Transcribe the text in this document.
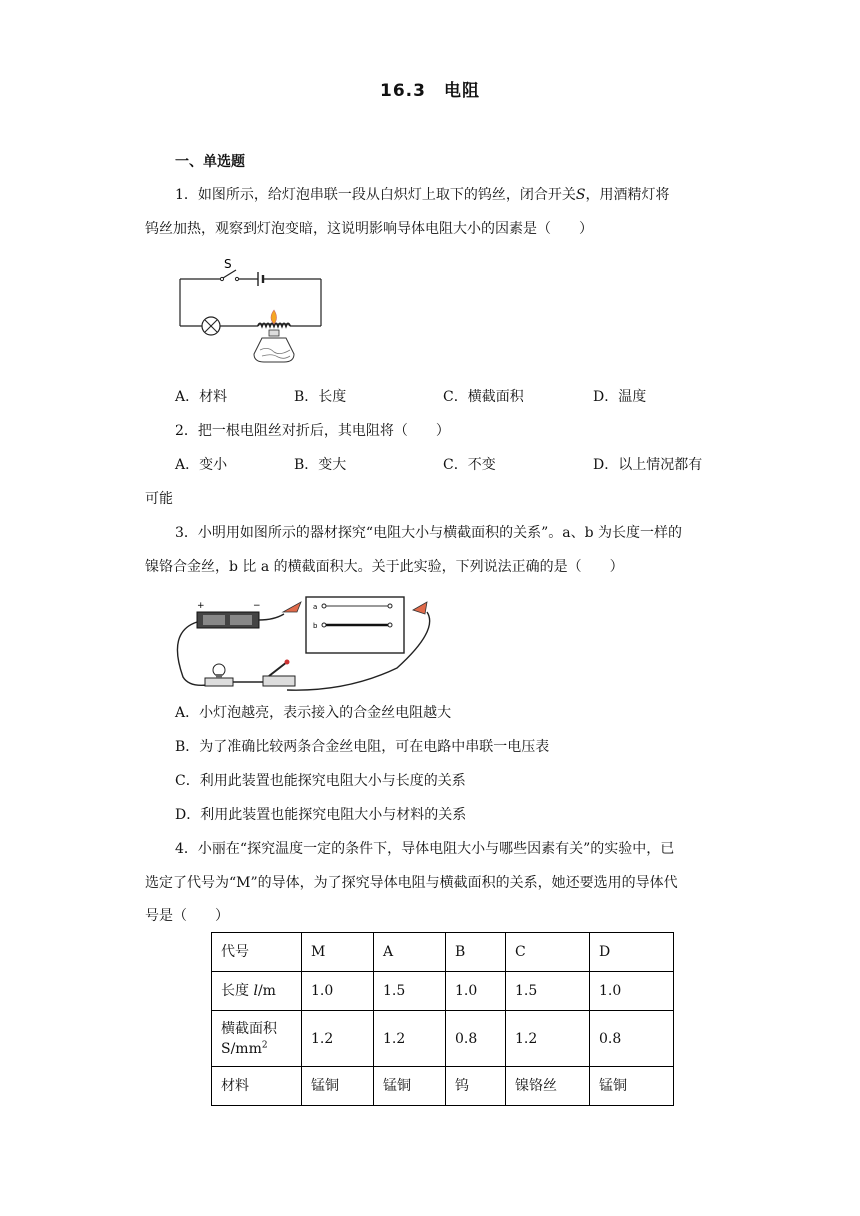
16.3　电阻
一、单选题
1．如图所示，给灯泡串联一段从白炽灯上取下的钨丝，闭合开关S，用酒精灯将
钨丝加热，观察到灯泡变暗，这说明影响导体电阻大小的因素是（　　）
S
A．材料	B．长度	C．横截面积	D．温度
2．把一根电阻丝对折后，其电阻将（　　）
A．变小	B．变大	C．不变	D．以上情况都有
可能
3．小明用如图所示的器材探究“电阻大小与横截面积的关系”。a、b 为长度一样的
镍铬合金丝，b 比 a 的横截面积大。关于此实验，下列说法正确的是（　　）
+	−	a
b
A．小灯泡越亮，表示接入的合金丝电阻越大
B．为了准确比较两条合金丝电阻，可在电路中串联一电压表
C．利用此装置也能探究电阻大小与长度的关系
D．利用此装置也能探究电阻大小与材料的关系
4．小丽在“探究温度一定的条件下，导体电阻大小与哪些因素有关”的实验中，已
选定了代号为“M”的导体，为了探究导体电阻与横截面积的关系，她还要选用的导体代
号是（　　）
代号	M	A	B	C	D
长度 l/m	1.0	1.5	1.0	1.5	1.0
横截面积
$S/mm^2$	1.2	1.2	0.8	1.2	0.8
材料	锰铜	锰铜	钨	镍铬丝	锰铜
